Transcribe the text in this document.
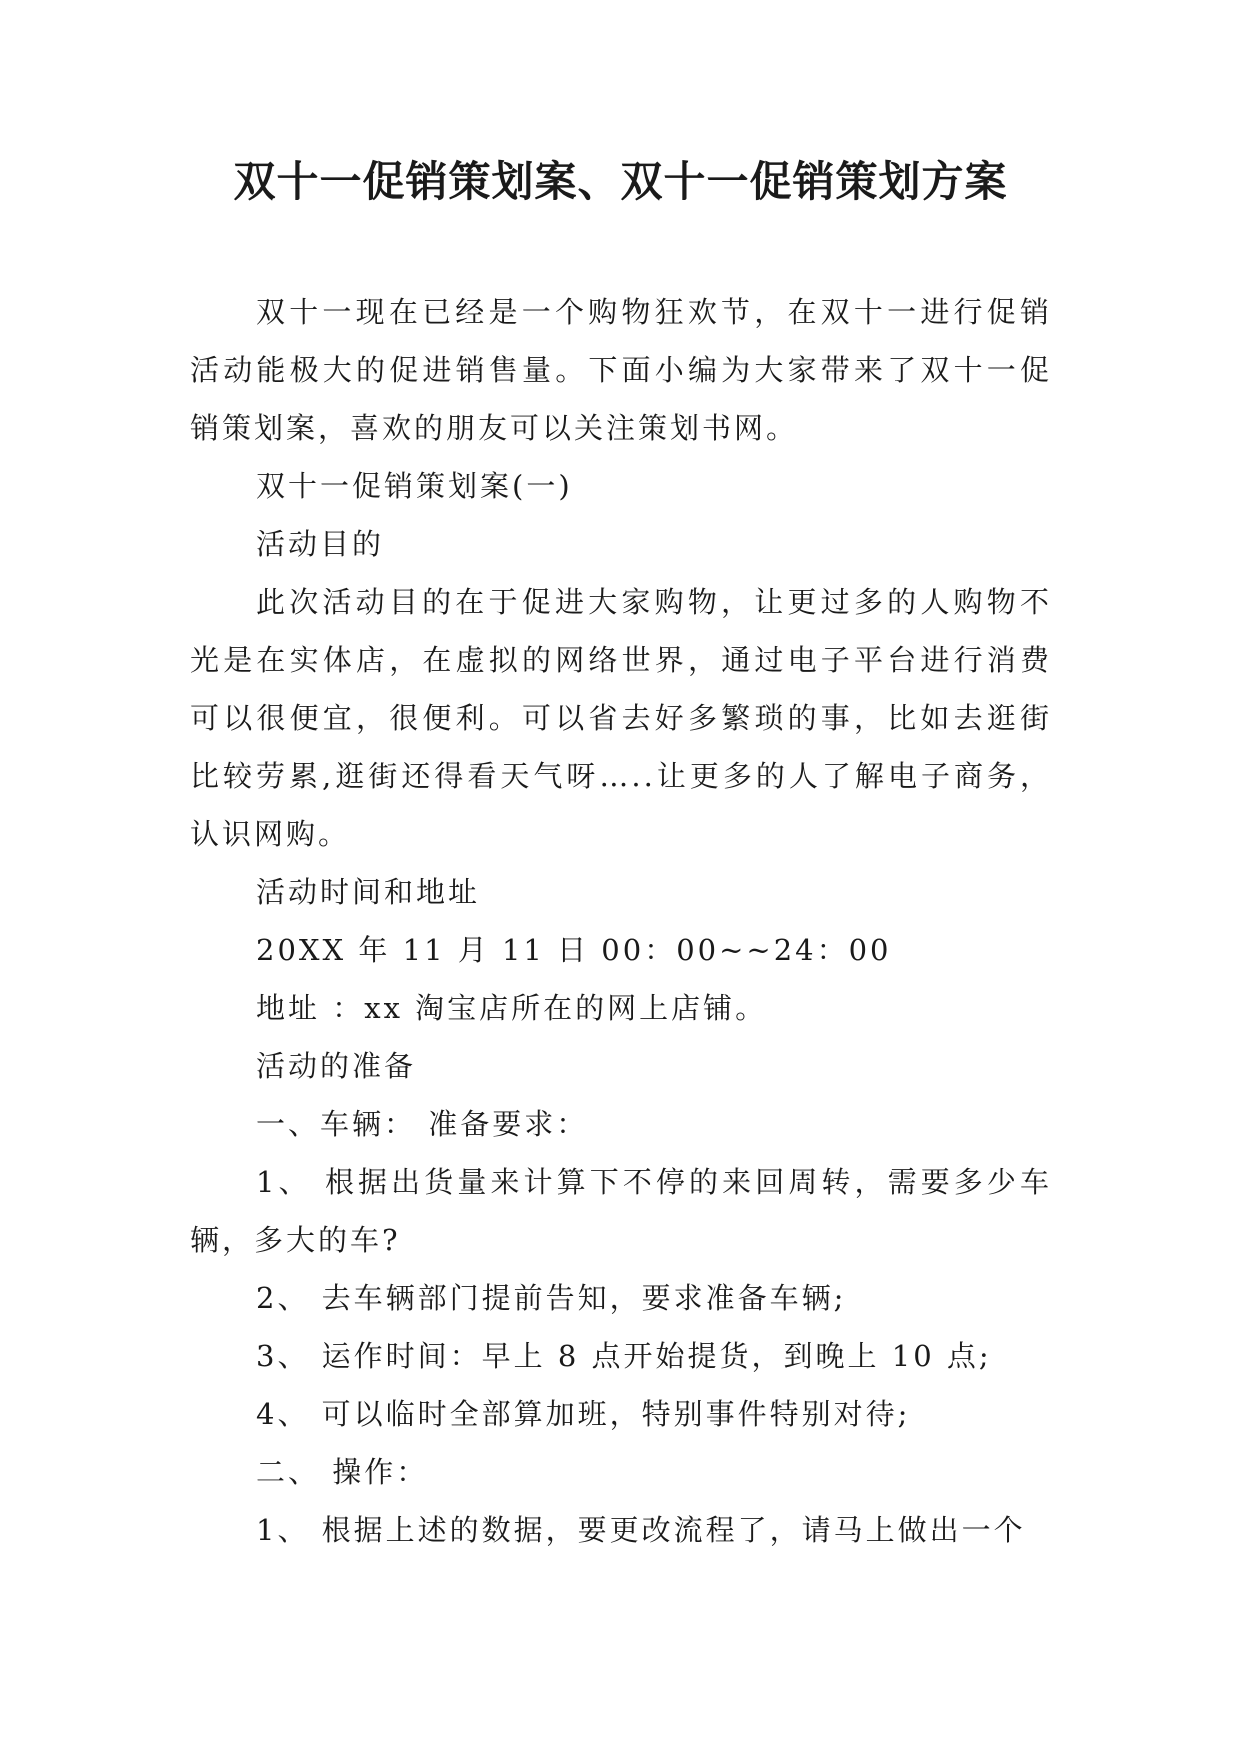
双十一促销策划案、双十一促销策划方案

双十一现在已经是一个购物狂欢节，在双十一进行促销活动能极大的促进销售量。下面小编为大家带来了双十一促销策划案，喜欢的朋友可以关注策划书网。

双十一促销策划案(一)

活动目的

此次活动目的在于促进大家购物，让更过多的人购物不光是在实体店，在虚拟的网络世界，通过电子平台进行消费可以很便宜，很便利。可以省去好多繁琐的事，比如去逛街比较劳累,逛街还得看天气呀…..让更多的人了解电子商务，认识网购。

活动时间和地址

20XX 年 11 月 11 日 00：00~~24：00

地址 ：xx 淘宝店所在的网上店铺。

活动的准备

一、车辆： 准备要求：

1、 根据出货量来计算下不停的来回周转，需要多少车辆，多大的车?

2、 去车辆部门提前告知，要求准备车辆;

3、 运作时间：早上 8 点开始提货，到晚上 10 点;

4、 可以临时全部算加班，特别事件特别对待;

二、 操作：

1、 根据上述的数据，要更改流程了，请马上做出一个
